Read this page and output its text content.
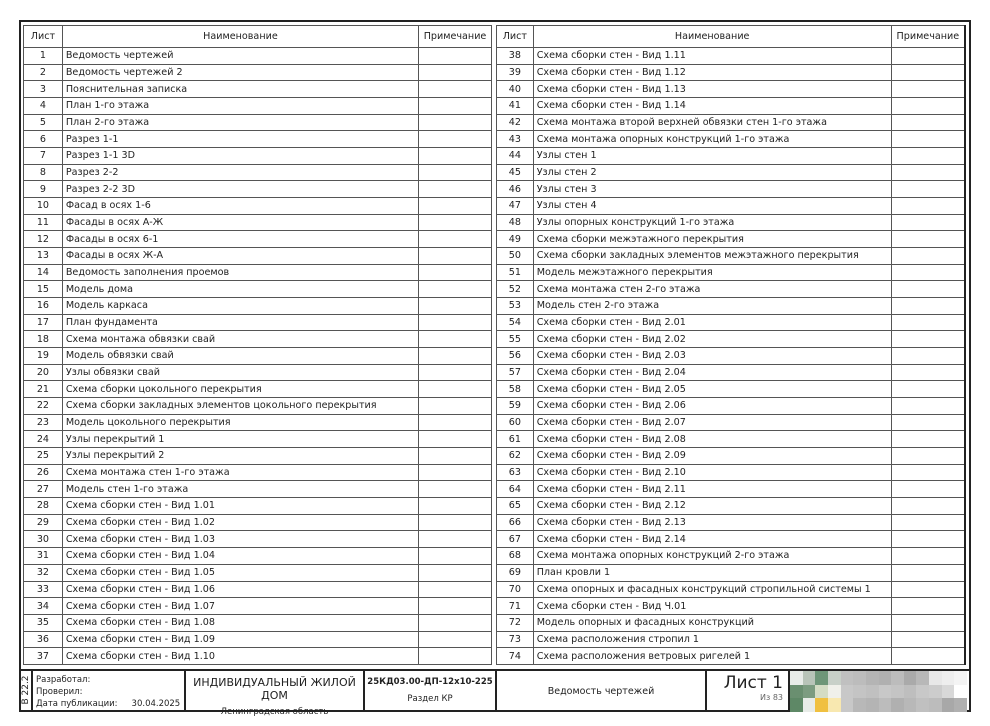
Лист	Наименование	Примечание
1	Ведомость чертежей	
2	Ведомость чертежей 2	
3	Пояснительная записка	
4	План 1-го этажа	
5	План 2-го этажа	
6	Разрез 1-1	
7	Разрез 1-1 3D	
8	Разрез 2-2	
9	Разрез 2-2 3D	
10	Фасад в осях 1-6	
11	Фасады в осях А-Ж	
12	Фасады в осях 6-1	
13	Фасады в осях Ж-А	
14	Ведомость заполнения проемов	
15	Модель дома	
16	Модель каркаса	
17	План фундамента	
18	Схема монтажа обвязки свай	
19	Модель обвязки свай	
20	Узлы обвязки свай	
21	Схема сборки цокольного перекрытия	
22	Схема сборки закладных элементов цокольного перекрытия	
23	Модель цокольного перекрытия	
24	Узлы перекрытий 1	
25	Узлы перекрытий 2	
26	Схема монтажа стен 1-го этажа	
27	Модель стен 1-го этажа	
28	Схема сборки стен - Вид 1.01	
29	Схема сборки стен - Вид 1.02	
30	Схема сборки стен - Вид 1.03	
31	Схема сборки стен - Вид 1.04	
32	Схема сборки стен - Вид 1.05	
33	Схема сборки стен - Вид 1.06	
34	Схема сборки стен - Вид 1.07	
35	Схема сборки стен - Вид 1.08	
36	Схема сборки стен - Вид 1.09	
37	Схема сборки стен - Вид 1.10	
Лист	Наименование	Примечание
38	Схема сборки стен - Вид 1.11	
39	Схема сборки стен - Вид 1.12	
40	Схема сборки стен - Вид 1.13	
41	Схема сборки стен - Вид 1.14	
42	Схема монтажа второй верхней обвязки стен 1-го этажа	
43	Схема монтажа опорных конструкций 1-го этажа	
44	Узлы стен 1	
45	Узлы стен 2	
46	Узлы стен 3	
47	Узлы стен 4	
48	Узлы опорных конструкций 1-го этажа	
49	Схема сборки межэтажного перекрытия	
50	Схема сборки закладных элементов межэтажного перекрытия	
51	Модель межэтажного перекрытия	
52	Схема монтажа стен 2-го этажа	
53	Модель стен 2-го этажа	
54	Схема сборки стен - Вид 2.01	
55	Схема сборки стен - Вид 2.02	
56	Схема сборки стен - Вид 2.03	
57	Схема сборки стен - Вид 2.04	
58	Схема сборки стен - Вид 2.05	
59	Схема сборки стен - Вид 2.06	
60	Схема сборки стен - Вид 2.07	
61	Схема сборки стен - Вид 2.08	
62	Схема сборки стен - Вид 2.09	
63	Схема сборки стен - Вид 2.10	
64	Схема сборки стен - Вид 2.11	
65	Схема сборки стен - Вид 2.12	
66	Схема сборки стен - Вид 2.13	
67	Схема сборки стен - Вид 2.14	
68	Схема монтажа опорных конструкций 2-го этажа	
69	План кровли 1	
70	Схема опорных и фасадных конструкций стропильной системы 1	
71	Схема сборки стен - Вид Ч.01	
72	Модель опорных и фасадных конструкций	
73	Схема расположения стропил 1	
74	Схема расположения ветровых ригелей 1	
В 22.2 Разработал:
Проверил:
Дата публикации: 30.04.2025
ИНДИВИДУАЛЬНЫЙ ЖИЛОЙ ДОМ
Ленинградская область
25КД03.00-ДП-12х10-225
Раздел КР
Ведомость чертежей	Лист 1
Из 83
